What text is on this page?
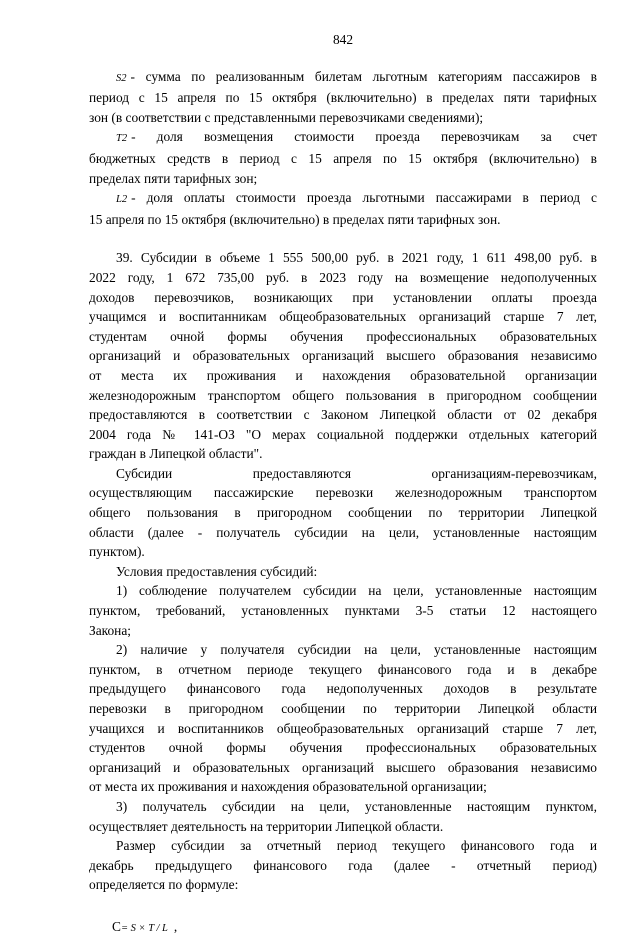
842
S2 - сумма по реализованным билетам льготным категориям пассажиров в
период с 15 апреля по 15 октября (включительно) в пределах пяти тарифных
зон (в соответствии с представленными перевозчиками сведениями);
T2 - доля возмещения стоимости проезда перевозчикам за счет
бюджетных средств в период с 15 апреля по 15 октября (включительно) в
пределах пяти тарифных зон;
L2 - доля оплаты стоимости проезда льготными пассажирами в период с
15 апреля по 15 октября (включительно) в пределах пяти тарифных зон.
39. Субсидии в объеме 1 555 500,00 руб. в 2021 году, 1 611 498,00 руб. в
2022 году, 1 672 735,00 руб. в 2023 году на возмещение недополученных
доходов перевозчиков, возникающих при установлении оплаты проезда
учащимся и воспитанникам общеобразовательных организаций старше 7 лет,
студентам очной формы обучения профессиональных образовательных
организаций и образовательных организаций высшего образования независимо
от места их проживания и нахождения образовательной организации
железнодорожным транспортом общего пользования в пригородном сообщении
предоставляются в соответствии с Законом Липецкой области от 02 декабря
2004 года № 141-ОЗ "О мерах социальной поддержки отдельных категорий
граждан в Липецкой области".
Субсидии предоставляются организациям-перевозчикам,
осуществляющим пассажирские перевозки железнодорожным транспортом
общего пользования в пригородном сообщении по территории Липецкой
области (далее - получатель субсидии на цели, установленные настоящим
пунктом).
Условия предоставления субсидий:
1) соблюдение получателем субсидии на цели, установленные настоящим
пунктом, требований, установленных пунктами 3-5 статьи 12 настоящего
Закона;
2) наличие у получателя субсидии на цели, установленные настоящим
пунктом, в отчетном периоде текущего финансового года и в декабре
предыдущего финансового года недополученных доходов в результате
перевозки в пригородном сообщении по территории Липецкой области
учащихся и воспитанников общеобразовательных организаций старше 7 лет,
студентов очной формы обучения профессиональных образовательных
организаций и образовательных организаций высшего образования независимо
от места их проживания и нахождения образовательной организации;
3) получатель субсидии на цели, установленные настоящим пунктом,
осуществляет деятельность на территории Липецкой области.
Размер субсидии за отчетный период текущего финансового года и
декабрь предыдущего финансового года (далее - отчетный период)
определяется по формуле:
C= S × T / L ,
